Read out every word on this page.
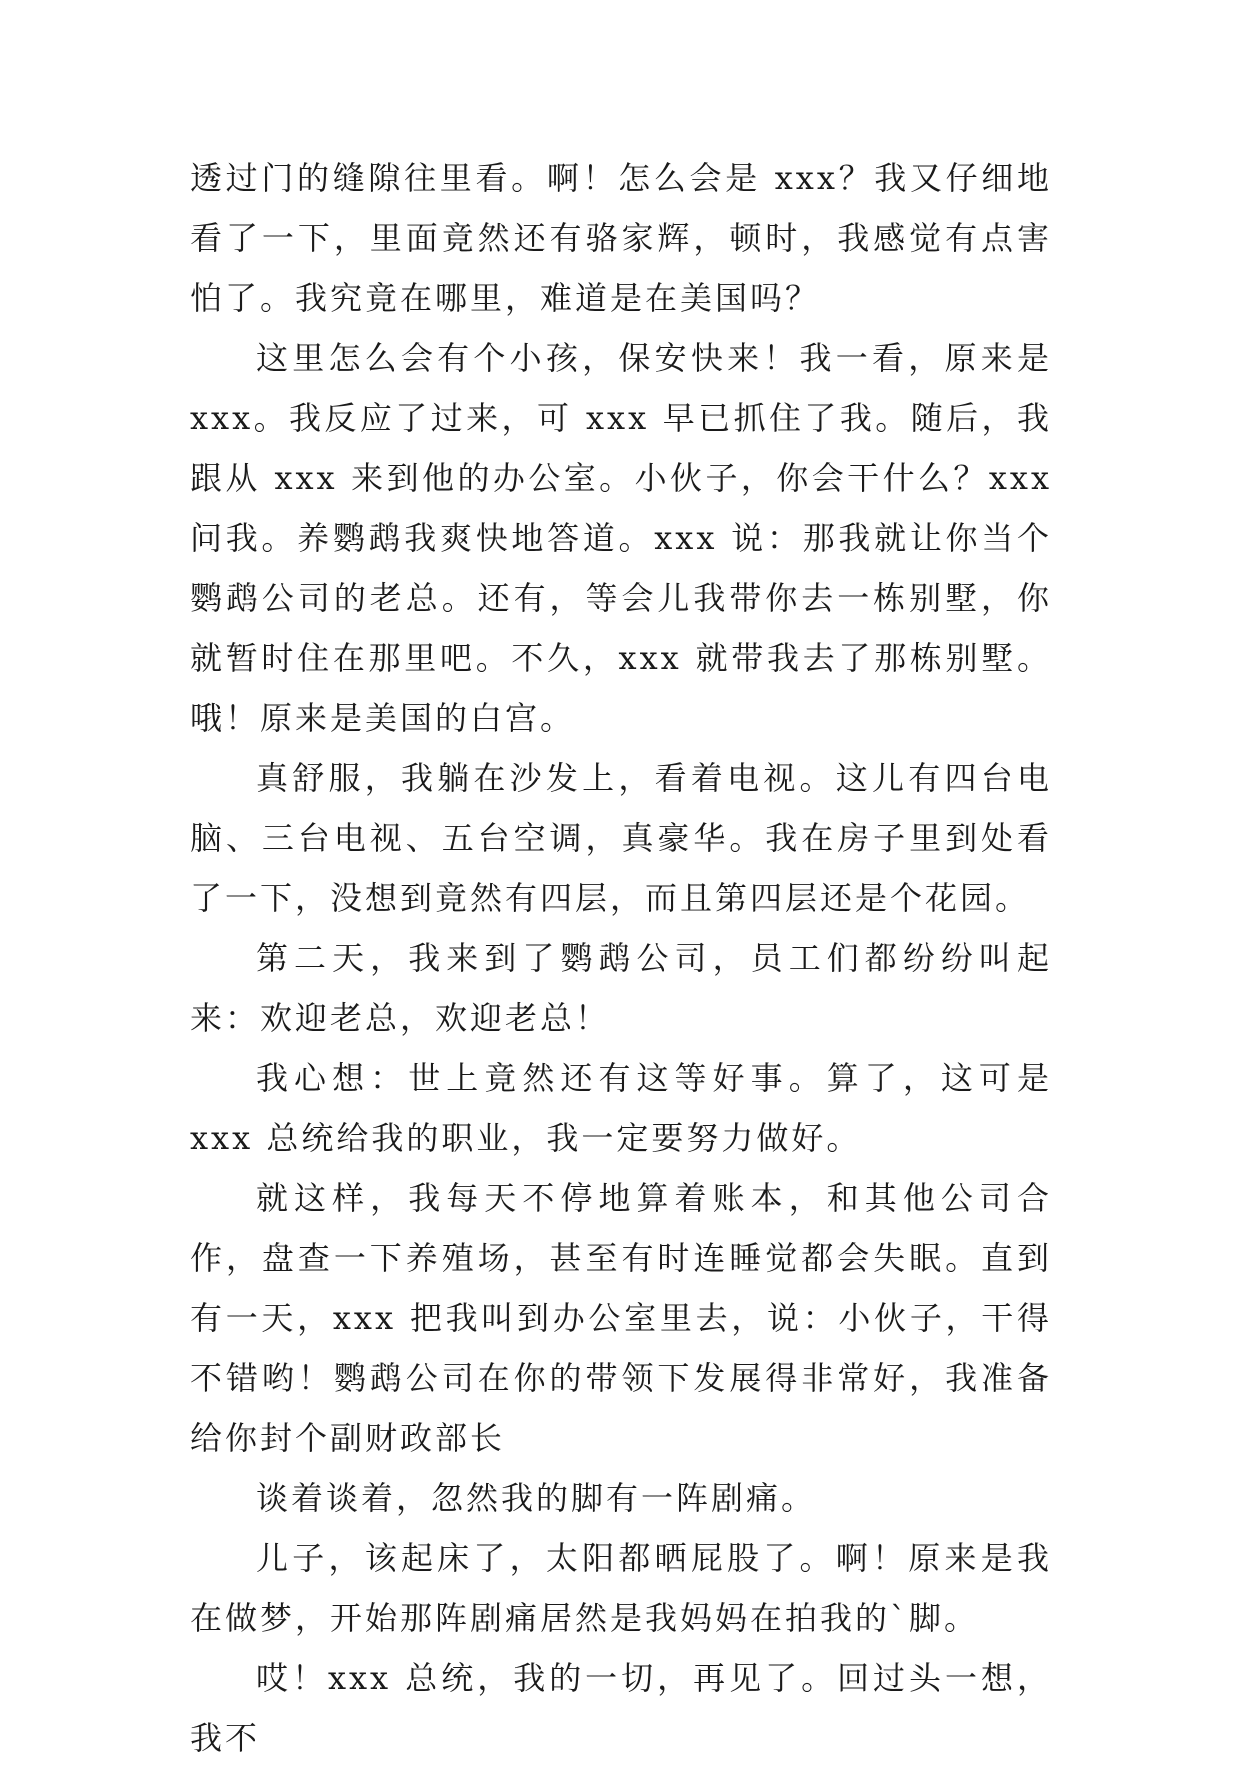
透过门的缝隙往里看。啊！怎么会是 xxx？我又仔细地看了一下，里面竟然还有骆家辉，顿时，我感觉有点害怕了。我究竟在哪里，难道是在美国吗？

这里怎么会有个小孩，保安快来！我一看，原来是 xxx。我反应了过来，可 xxx 早已抓住了我。随后，我跟从 xxx 来到他的办公室。小伙子，你会干什么？xxx 问我。养鹦鹉我爽快地答道。xxx 说：那我就让你当个鹦鹉公司的老总。还有，等会儿我带你去一栋别墅，你就暂时住在那里吧。不久，xxx 就带我去了那栋别墅。哦！原来是美国的白宫。

真舒服，我躺在沙发上，看着电视。这儿有四台电脑、三台电视、五台空调，真豪华。我在房子里到处看了一下，没想到竟然有四层，而且第四层还是个花园。

第二天，我来到了鹦鹉公司，员工们都纷纷叫起来：欢迎老总，欢迎老总！

我心想：世上竟然还有这等好事。算了，这可是 xxx 总统给我的职业，我一定要努力做好。

就这样，我每天不停地算着账本，和其他公司合作，盘查一下养殖场，甚至有时连睡觉都会失眠。直到有一天，xxx 把我叫到办公室里去，说：小伙子，干得不错哟！鹦鹉公司在你的带领下发展得非常好，我准备给你封个副财政部长

谈着谈着，忽然我的脚有一阵剧痛。

儿子，该起床了，太阳都晒屁股了。啊！原来是我在做梦，开始那阵剧痛居然是我妈妈在拍我的`脚。

哎！xxx 总统，我的一切，再见了。回过头一想，我不
